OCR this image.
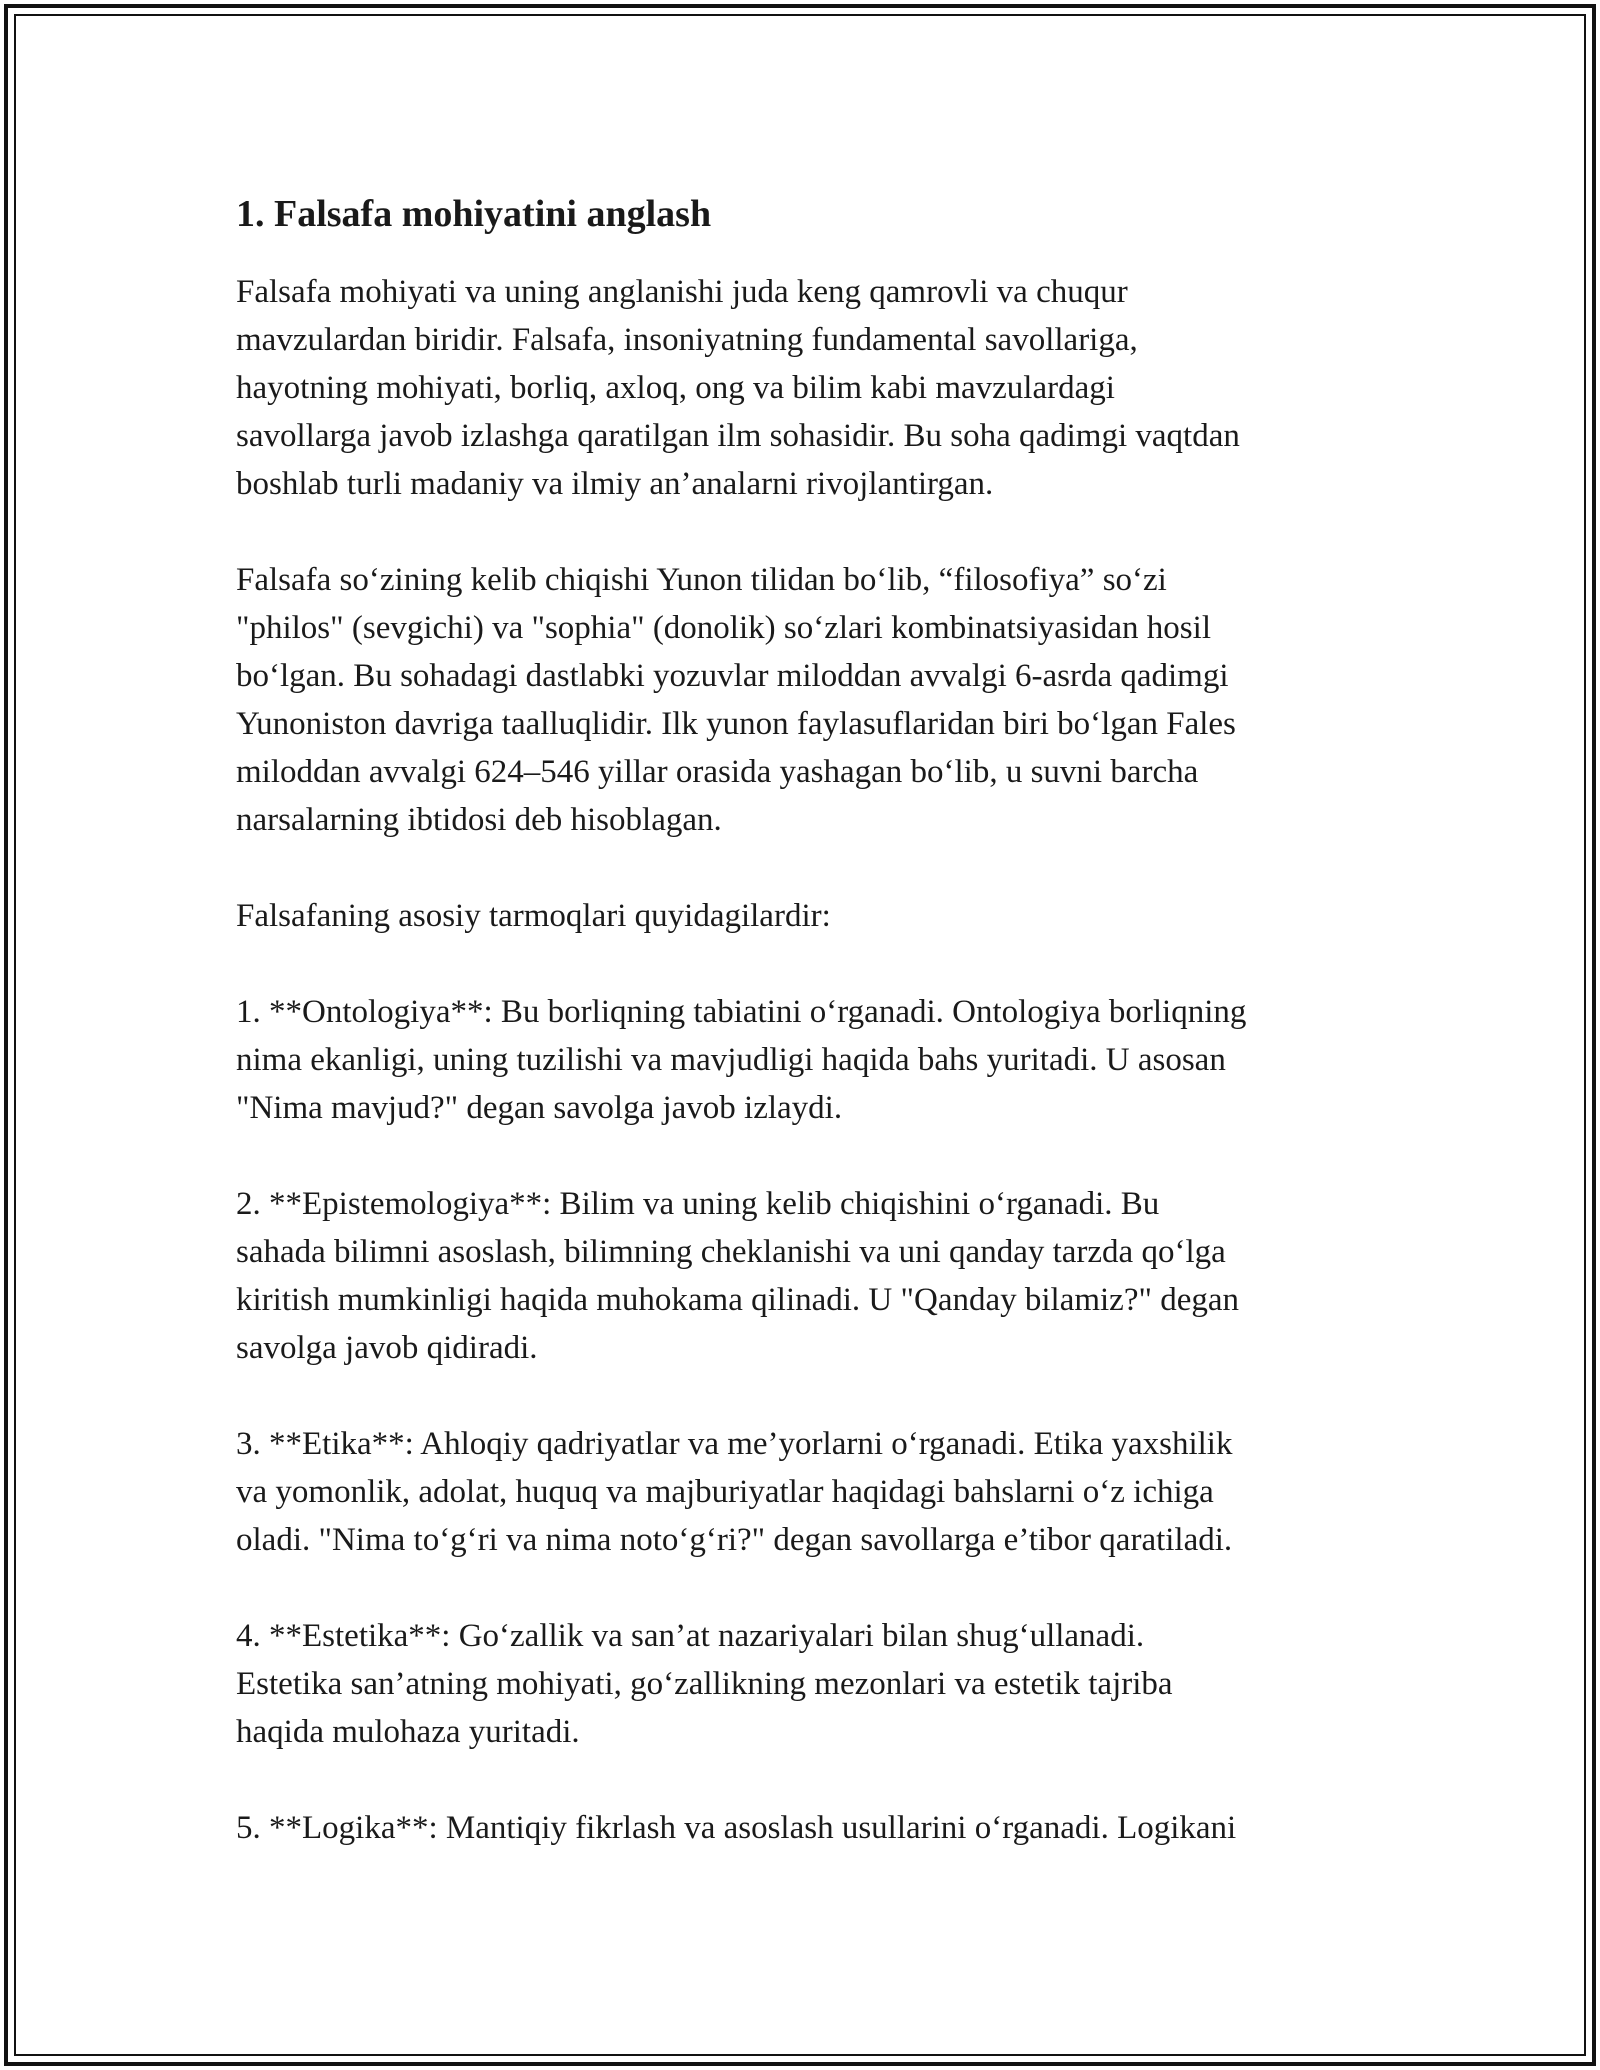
1. Falsafa mohiyatini anglash

Falsafa mohiyati va uning anglanishi juda keng qamrovli va chuqur
mavzulardan biridir. Falsafa, insoniyatning fundamental savollariga,
hayotning mohiyati, borliq, axloq, ong va bilim kabi mavzulardagi
savollarga javob izlashga qaratilgan ilm sohasidir. Bu soha qadimgi vaqtdan
boshlab turli madaniy va ilmiy an’analarni rivojlantirgan.

Falsafa so‘zining kelib chiqishi Yunon tilidan bo‘lib, “filosofiya” so‘zi
"philos" (sevgichi) va "sophia" (donolik) so‘zlari kombinatsiyasidan hosil
bo‘lgan. Bu sohadagi dastlabki yozuvlar miloddan avvalgi 6-asrda qadimgi
Yunoniston davriga taalluqlidir. Ilk yunon faylasuflaridan biri bo‘lgan Fales
miloddan avvalgi 624–546 yillar orasida yashagan bo‘lib, u suvni barcha
narsalarning ibtidosi deb hisoblagan.

Falsafaning asosiy tarmoqlari quyidagilardir:

1. **Ontologiya**: Bu borliqning tabiatini o‘rganadi. Ontologiya borliqning
nima ekanligi, uning tuzilishi va mavjudligi haqida bahs yuritadi. U asosan
"Nima mavjud?" degan savolga javob izlaydi.

2. **Epistemologiya**: Bilim va uning kelib chiqishini o‘rganadi. Bu
sahada bilimni asoslash, bilimning cheklanishi va uni qanday tarzda qo‘lga
kiritish mumkinligi haqida muhokama qilinadi. U "Qanday bilamiz?" degan
savolga javob qidiradi.

3. **Etika**: Ahloqiy qadriyatlar va me’yorlarni o‘rganadi. Etika yaxshilik
va yomonlik, adolat, huquq va majburiyatlar haqidagi bahslarni o‘z ichiga
oladi. "Nima to‘g‘ri va nima noto‘g‘ri?" degan savollarga e’tibor qaratiladi.

4. **Estetika**: Go‘zallik va san’at nazariyalari bilan shug‘ullanadi.
Estetika san’atning mohiyati, go‘zallikning mezonlari va estetik tajriba
haqida mulohaza yuritadi.

5. **Logika**: Mantiqiy fikrlash va asoslash usullarini o‘rganadi. Logikani
